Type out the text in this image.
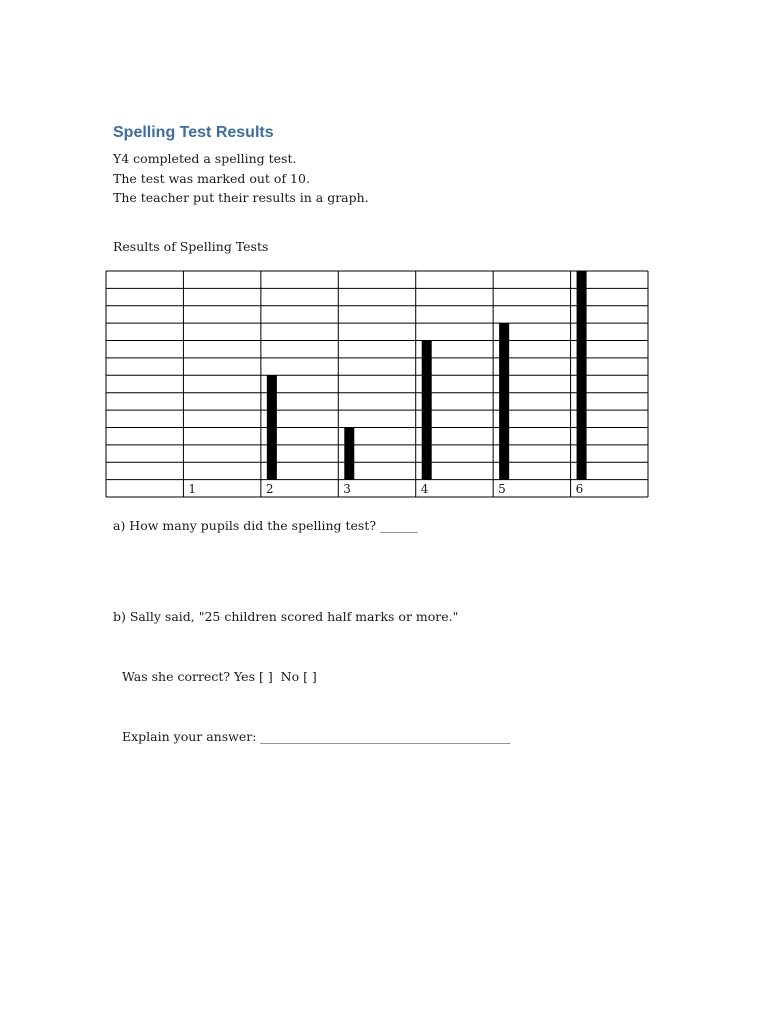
Spelling Test Results
Y4 completed a spelling test.
The test was marked out of 10.
The teacher put their results in a graph.
Results of Spelling Tests
1	2	3	4	5	6
a) How many pupils did the spelling test? ______

b) Sally said, "25 children scored half marks or more."

Was she correct? Yes [ ]  No [ ]

Explain your answer: ________________________________________
